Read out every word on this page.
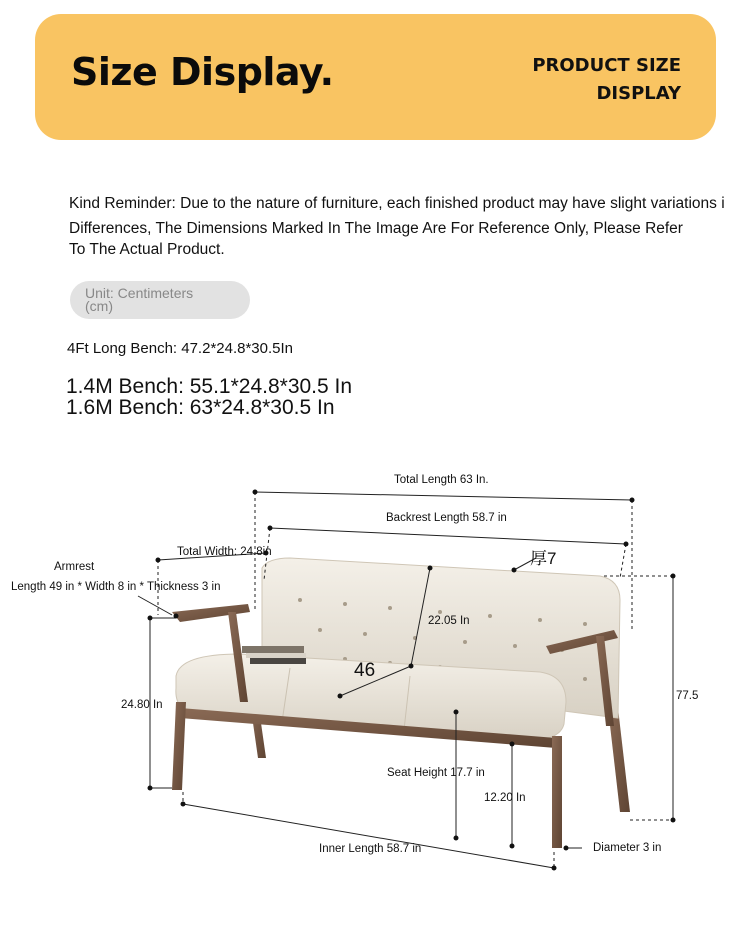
Size Display.	PRODUCT SIZE
DISPLAY
Kind Reminder: Due to the nature of furniture, each finished product may have slight variations i
Differences, The Dimensions Marked In The Image Are For Reference Only, Please Refer
To The Actual Product.
Unit: Centimeters (cm)
4Ft Long Bench: 47.2*24.8*30.5In
1.4M Bench: 55.1*24.8*30.5 In
1.6M Bench: 63*24.8*30.5 In
Total Length 63 In.
Backrest Length 58.7 in
Total Width: 24.8in
Armrest
Length 49 in * Width 8 in * Thickness 3 in
厚7
22.05 In
46
24.80 In
77.5
Seat Height 17.7 in
12.20 In
Inner Length 58.7 in	Diameter 3 in
